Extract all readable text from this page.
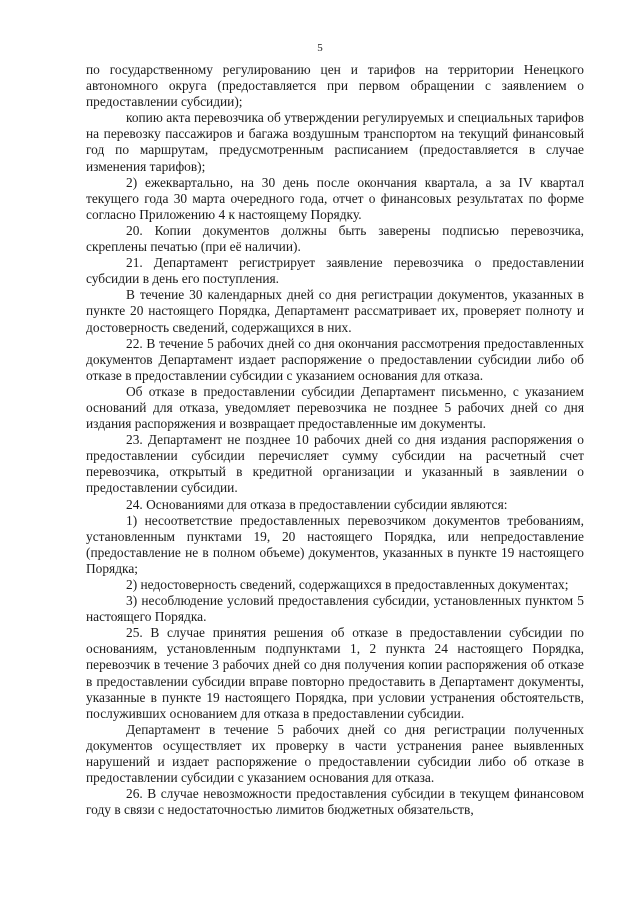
5

по государственному регулированию цен и тарифов на территории Ненецкого автономного округа (предоставляется при первом обращении с заявлением о предоставлении субсидии);

копию акта перевозчика об утверждении регулируемых и специальных тарифов на перевозку пассажиров и багажа воздушным транспортом на текущий финансовый год по маршрутам, предусмотренным расписанием (предоставляется в случае изменения тарифов);

2) ежеквартально, на 30 день после окончания квартала, а за IV квартал текущего года 30 марта очередного года, отчет о финансовых результатах по форме согласно Приложению 4 к настоящему Порядку.

20. Копии документов должны быть заверены подписью перевозчика, скреплены печатью (при её наличии).

21. Департамент регистрирует заявление перевозчика о предоставлении субсидии в день его поступления.

В течение 30 календарных дней со дня регистрации документов, указанных в пункте 20 настоящего Порядка, Департамент рассматривает их, проверяет полноту и достоверность сведений, содержащихся в них.

22. В течение 5 рабочих дней со дня окончания рассмотрения предоставленных документов Департамент издает распоряжение о предоставлении субсидии либо об отказе в предоставлении субсидии с указанием основания для отказа.

Об отказе в предоставлении субсидии Департамент письменно, с указанием оснований для отказа, уведомляет перевозчика не позднее 5 рабочих дней со дня издания распоряжения и возвращает предоставленные им документы.

23. Департамент не позднее 10 рабочих дней со дня издания распоряжения о предоставлении субсидии перечисляет сумму субсидии на расчетный счет перевозчика, открытый в кредитной организации и указанный в заявлении о предоставлении субсидии.

24. Основаниями для отказа в предоставлении субсидии являются:

1) несоответствие предоставленных перевозчиком документов требованиям, установленным пунктами 19, 20 настоящего Порядка, или непредоставление (предоставление не в полном объеме) документов, указанных в пункте 19 настоящего Порядка;

2) недостоверность сведений, содержащихся в предоставленных документах;

3) несоблюдение условий предоставления субсидии, установленных пунктом 5 настоящего Порядка.

25. В случае принятия решения об отказе в предоставлении субсидии по основаниям, установленным подпунктами 1, 2 пункта 24 настоящего Порядка, перевозчик в течение 3 рабочих дней со дня получения копии распоряжения об отказе в предоставлении субсидии вправе повторно предоставить в Департамент документы, указанные в пункте 19 настоящего Порядка, при условии устранения обстоятельств, послуживших основанием для отказа в предоставлении субсидии.

Департамент в течение 5 рабочих дней со дня регистрации полученных документов осуществляет их проверку в части устранения ранее выявленных нарушений и издает распоряжение о предоставлении субсидии либо об отказе в предоставлении субсидии с указанием основания для отказа.

26. В случае невозможности предоставления субсидии в текущем финансовом году в связи с недостаточностью лимитов бюджетных обязательств,
